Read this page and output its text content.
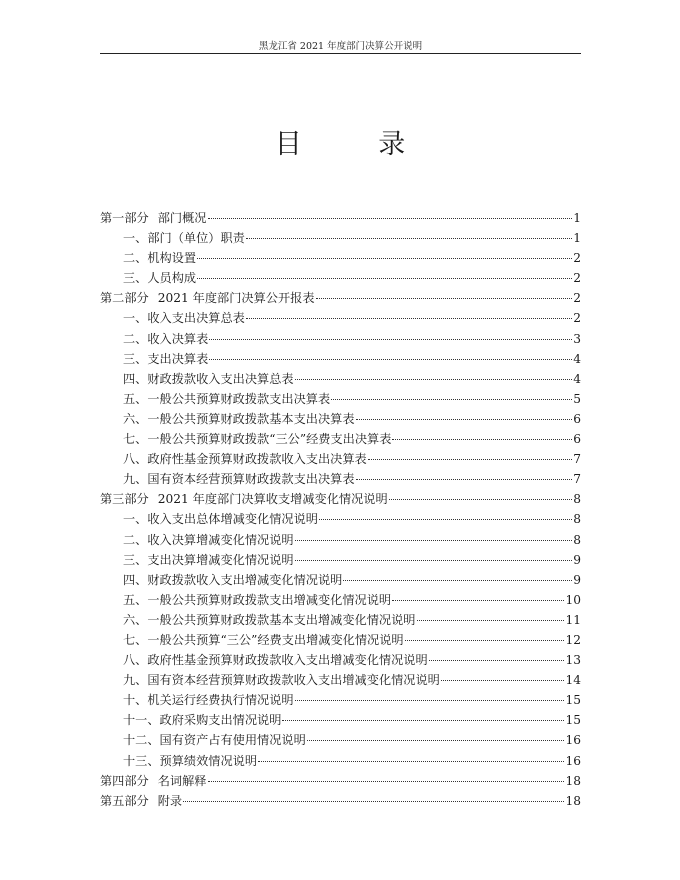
黑龙江省 2021 年度部门决算公开说明
目 录
第一部分 部门概况	1
一、部门（单位）职责	1
二、机构设置	2
三、人员构成	2
第二部分 2021 年度部门决算公开报表	2
一、收入支出决算总表	2
二、收入决算表	3
三、支出决算表	4
四、财政拨款收入支出决算总表	4
五、一般公共预算财政拨款支出决算表	5
六、一般公共预算财政拨款基本支出决算表	6
七、一般公共预算财政拨款“三公”经费支出决算表	6
八、政府性基金预算财政拨款收入支出决算表	7
九、国有资本经营预算财政拨款支出决算表	7
第三部分 2021 年度部门决算收支增减变化情况说明	8
一、收入支出总体增减变化情况说明	8
二、收入决算增减变化情况说明	8
三、支出决算增减变化情况说明	9
四、财政拨款收入支出增减变化情况说明	9
五、一般公共预算财政拨款支出增减变化情况说明	10
六、一般公共预算财政拨款基本支出增减变化情况说明	11
七、一般公共预算“三公”经费支出增减变化情况说明	12
八、政府性基金预算财政拨款收入支出增减变化情况说明	13
九、国有资本经营预算财政拨款收入支出增减变化情况说明	14
十、机关运行经费执行情况说明	15
十一、政府采购支出情况说明	15
十二、国有资产占有使用情况说明	16
十三、预算绩效情况说明	16
第四部分 名词解释	18
第五部分 附录	18
